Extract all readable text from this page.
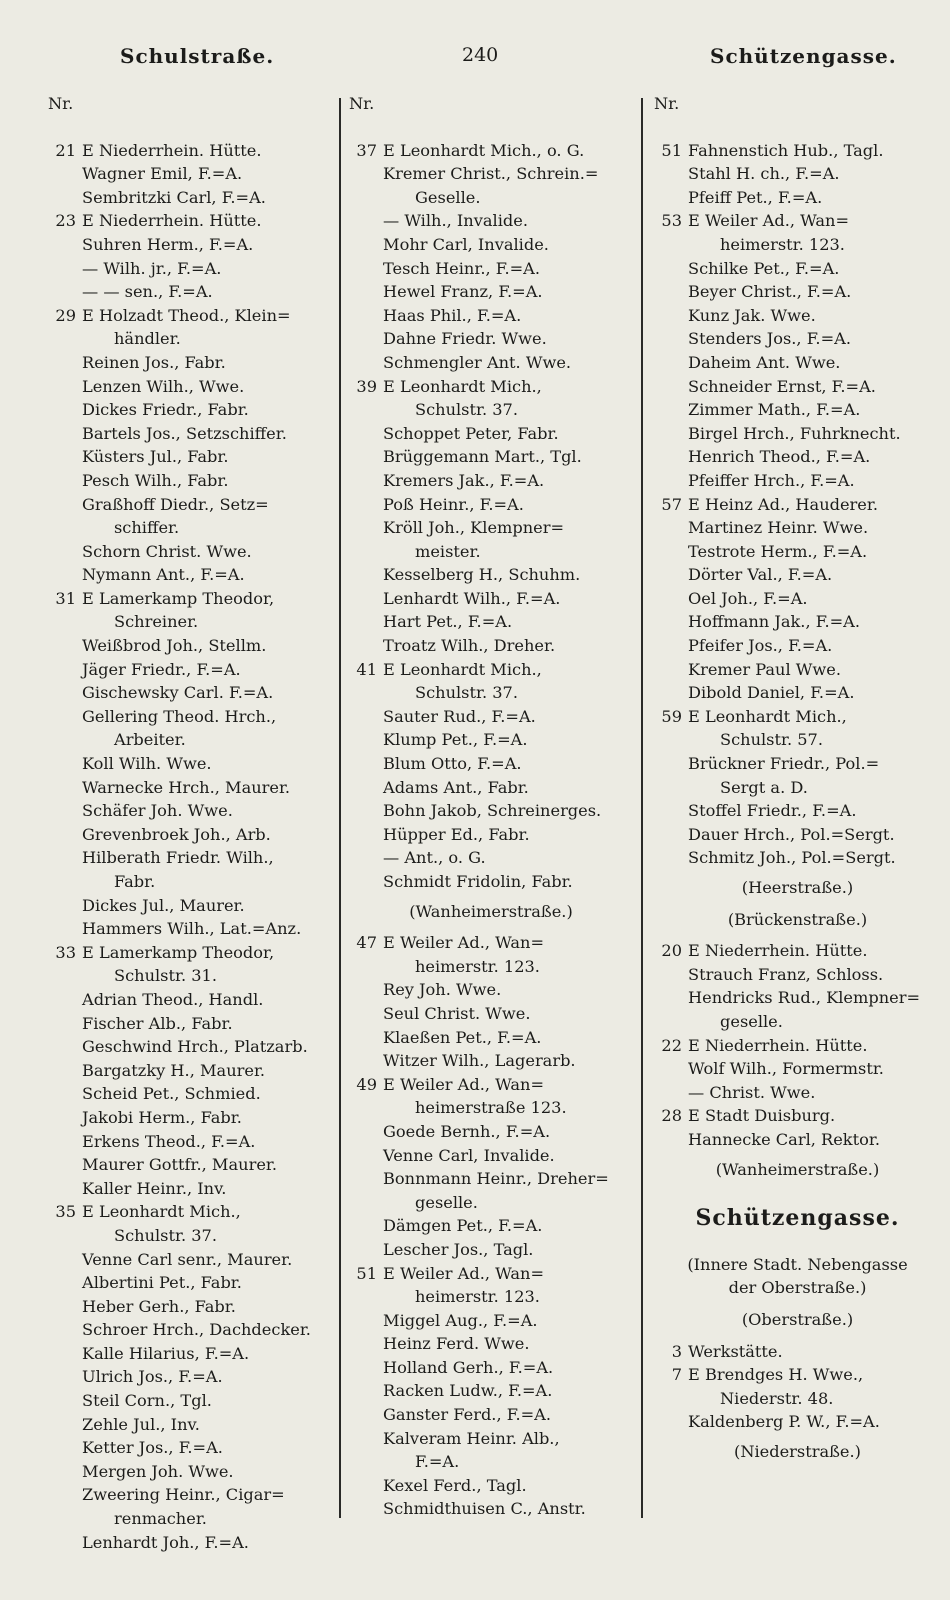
Schulstraße.	240	Schützengasse.
Nr.
21 E Niederrhein. Hütte.
Wagner Emil, F.=A.
Sembritzki Carl, F.=A.
23 E Niederrhein. Hütte.
Suhren Herm., F.=A.
— Wilh. jr., F.=A.
— — sen., F.=A.
29 E Holzadt Theod., Klein=
händler.
Reinen Jos., Fabr.
Lenzen Wilh., Wwe.
Dickes Friedr., Fabr.
Bartels Jos., Setzschiffer.
Küsters Jul., Fabr.
Pesch Wilh., Fabr.
Graßhoff Diedr., Setz=
schiffer.
Schorn Christ. Wwe.
Nymann Ant., F.=A.
31 E Lamerkamp Theodor,
Schreiner.
Weißbrod Joh., Stellm.
Jäger Friedr., F.=A.
Gischewsky Carl. F.=A.
Gellering Theod. Hrch.,
Arbeiter.
Koll Wilh. Wwe.
Warnecke Hrch., Maurer.
Schäfer Joh. Wwe.
Grevenbroek Joh., Arb.
Hilberath Friedr. Wilh.,
Fabr.
Dickes Jul., Maurer.
Hammers Wilh., Lat.=Anz.
33 E Lamerkamp Theodor,
Schulstr. 31.
Adrian Theod., Handl.
Fischer Alb., Fabr.
Geschwind Hrch., Platzarb.
Bargatzky H., Maurer.
Scheid Pet., Schmied.
Jakobi Herm., Fabr.
Erkens Theod., F.=A.
Maurer Gottfr., Maurer.
Kaller Heinr., Inv.
35 E Leonhardt Mich.,
Schulstr. 37.
Venne Carl senr., Maurer.
Albertini Pet., Fabr.
Heber Gerh., Fabr.
Schroer Hrch., Dachdecker.
Kalle Hilarius, F.=A.
Ulrich Jos., F.=A.
Steil Corn., Tgl.
Zehle Jul., Inv.
Ketter Jos., F.=A.
Mergen Joh. Wwe.
Zweering Heinr., Cigar=
renmacher.
Lenhardt Joh., F.=A.
Nr.
37 E Leonhardt Mich., o. G.
Kremer Christ., Schrein.=
Geselle.
— Wilh., Invalide.
Mohr Carl, Invalide.
Tesch Heinr., F.=A.
Hewel Franz, F.=A.
Haas Phil., F.=A.
Dahne Friedr. Wwe.
Schmengler Ant. Wwe.
39 E Leonhardt Mich.,
Schulstr. 37.
Schoppet Peter, Fabr.
Brüggemann Mart., Tgl.
Kremers Jak., F.=A.
Poß Heinr., F.=A.
Kröll Joh., Klempner=
meister.
Kesselberg H., Schuhm.
Lenhardt Wilh., F.=A.
Hart Pet., F.=A.
Troatz Wilh., Dreher.
41 E Leonhardt Mich.,
Schulstr. 37.
Sauter Rud., F.=A.
Klump Pet., F.=A.
Blum Otto, F.=A.
Adams Ant., Fabr.
Bohn Jakob, Schreinerges.
Hüpper Ed., Fabr.
— Ant., o. G.
Schmidt Fridolin, Fabr.
(Wanheimerstraße.)
47 E Weiler Ad., Wan=
heimerstr. 123.
Rey Joh. Wwe.
Seul Christ. Wwe.
Klaeßen Pet., F.=A.
Witzer Wilh., Lagerarb.
49 E Weiler Ad., Wan=
heimerstraße 123.
Goede Bernh., F.=A.
Venne Carl, Invalide.
Bonnmann Heinr., Dreher=
geselle.
Dämgen Pet., F.=A.
Lescher Jos., Tagl.
51 E Weiler Ad., Wan=
heimerstr. 123.
Miggel Aug., F.=A.
Heinz Ferd. Wwe.
Holland Gerh., F.=A.
Racken Ludw., F.=A.
Ganster Ferd., F.=A.
Kalveram Heinr. Alb.,
F.=A.
Kexel Ferd., Tagl.
Schmidthuisen C., Anstr.
Nr.
51 Fahnenstich Hub., Tagl.
Stahl H. ch., F.=A.
Pfeiff Pet., F.=A.
53 E Weiler Ad., Wan=
heimerstr. 123.
Schilke Pet., F.=A.
Beyer Christ., F.=A.
Kunz Jak. Wwe.
Stenders Jos., F.=A.
Daheim Ant. Wwe.
Schneider Ernst, F.=A.
Zimmer Math., F.=A.
Birgel Hrch., Fuhrknecht.
Henrich Theod., F.=A.
Pfeiffer Hrch., F.=A.
57 E Heinz Ad., Hauderer.
Martinez Heinr. Wwe.
Testrote Herm., F.=A.
Dörter Val., F.=A.
Oel Joh., F.=A.
Hoffmann Jak., F.=A.
Pfeifer Jos., F.=A.
Kremer Paul Wwe.
Dibold Daniel, F.=A.
59 E Leonhardt Mich.,
Schulstr. 57.
Brückner Friedr., Pol.=
Sergt a. D.
Stoffel Friedr., F.=A.
Dauer Hrch., Pol.=Sergt.
Schmitz Joh., Pol.=Sergt.
(Heerstraße.)
(Brückenstraße.)
20 E Niederrhein. Hütte.
Strauch Franz, Schloss.
Hendricks Rud., Klempner=
geselle.
22 E Niederrhein. Hütte.
Wolf Wilh., Formermstr.
— Christ. Wwe.
28 E Stadt Duisburg.
Hannecke Carl, Rektor.
(Wanheimerstraße.)
Schützengasse.
(Innere Stadt. Nebengasse
der Oberstraße.)
(Oberstraße.)
3 Werkstätte.
7 E Brendges H. Wwe.,
Niederstr. 48.
Kaldenberg P. W., F.=A.
(Niederstraße.)
